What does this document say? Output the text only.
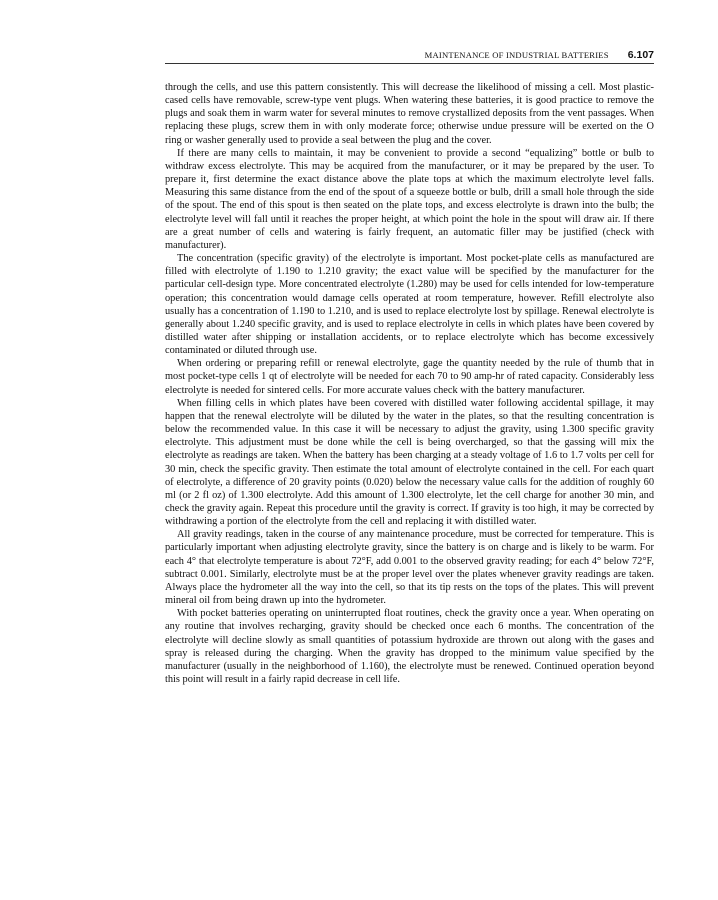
MAINTENANCE OF INDUSTRIAL BATTERIES 6.107

through the cells, and use this pattern consistently. This will decrease the likelihood of missing a cell. Most plastic-cased cells have removable, screw-type vent plugs. When watering these batteries, it is good practice to remove the plugs and soak them in warm water for several minutes to remove crystallized deposits from the vent passages. When replacing these plugs, screw them in with only moderate force; otherwise undue pressure will be exerted on the O ring or washer generally used to provide a seal between the plug and the cover.

If there are many cells to maintain, it may be convenient to provide a second “equalizing” bottle or bulb to withdraw excess electrolyte. This may be acquired from the manufacturer, or it may be prepared by the user. To prepare it, first determine the exact distance above the plate tops at which the maximum electrolyte level falls. Measuring this same distance from the end of the spout of a squeeze bottle or bulb, drill a small hole through the side of the spout. The end of this spout is then seated on the plate tops, and excess electrolyte is drawn into the bulb; the electrolyte level will fall until it reaches the proper height, at which point the hole in the spout will draw air. If there are a great number of cells and watering is fairly frequent, an automatic filler may be justified (check with manufacturer).

The concentration (specific gravity) of the electrolyte is important. Most pocket-plate cells as manufactured are filled with electrolyte of 1.190 to 1.210 gravity; the exact value will be specified by the manufacturer for the particular cell-design type. More concentrated electrolyte (1.280) may be used for cells intended for low-temperature operation; this concentration would damage cells operated at room temperature, however. Refill electrolyte also usually has a concentration of 1.190 to 1.210, and is used to replace electrolyte lost by spillage. Renewal electrolyte is generally about 1.240 specific gravity, and is used to replace electrolyte in cells in which plates have been covered by distilled water after shipping or installation accidents, or to replace electrolyte which has become excessively contaminated or diluted through use.

When ordering or preparing refill or renewal electrolyte, gage the quantity needed by the rule of thumb that in most pocket-type cells 1 qt of electrolyte will be needed for each 70 to 90 amp-hr of rated capacity. Considerably less electrolyte is needed for sintered cells. For more accurate values check with the battery manufacturer.

When filling cells in which plates have been covered with distilled water following accidental spillage, it may happen that the renewal electrolyte will be diluted by the water in the plates, so that the resulting concentration is below the recommended value. In this case it will be necessary to adjust the gravity, using 1.300 specific gravity electrolyte. This adjustment must be done while the cell is being overcharged, so that the gassing will mix the electrolyte as readings are taken. When the battery has been charging at a steady voltage of 1.6 to 1.7 volts per cell for 30 min, check the specific gravity. Then estimate the total amount of electrolyte contained in the cell. For each quart of electrolyte, a difference of 20 gravity points (0.020) below the necessary value calls for the addition of roughly 60 ml (or 2 fl oz) of 1.300 electrolyte. Add this amount of 1.300 electrolyte, let the cell charge for another 30 min, and check the gravity again. Repeat this procedure until the gravity is correct. If gravity is too high, it may be corrected by withdrawing a portion of the electrolyte from the cell and replacing it with distilled water.

All gravity readings, taken in the course of any maintenance procedure, must be corrected for temperature. This is particularly important when adjusting electrolyte gravity, since the battery is on charge and is likely to be warm. For each 4° that electrolyte temperature is about 72°F, add 0.001 to the observed gravity reading; for each 4° below 72°F, subtract 0.001. Similarly, electrolyte must be at the proper level over the plates whenever gravity readings are taken. Always place the hydrometer all the way into the cell, so that its tip rests on the tops of the plates. This will prevent mineral oil from being drawn up into the hydrometer.

With pocket batteries operating on uninterrupted float routines, check the gravity once a year. When operating on any routine that involves recharging, gravity should be checked once each 6 months. The concentration of the electrolyte will decline slowly as small quantities of potassium hydroxide are thrown out along with the gases and spray is released during the charging. When the gravity has dropped to the minimum value specified by the manufacturer (usually in the neighborhood of 1.160), the electrolyte must be renewed. Continued operation beyond this point will result in a fairly rapid decrease in cell life.
